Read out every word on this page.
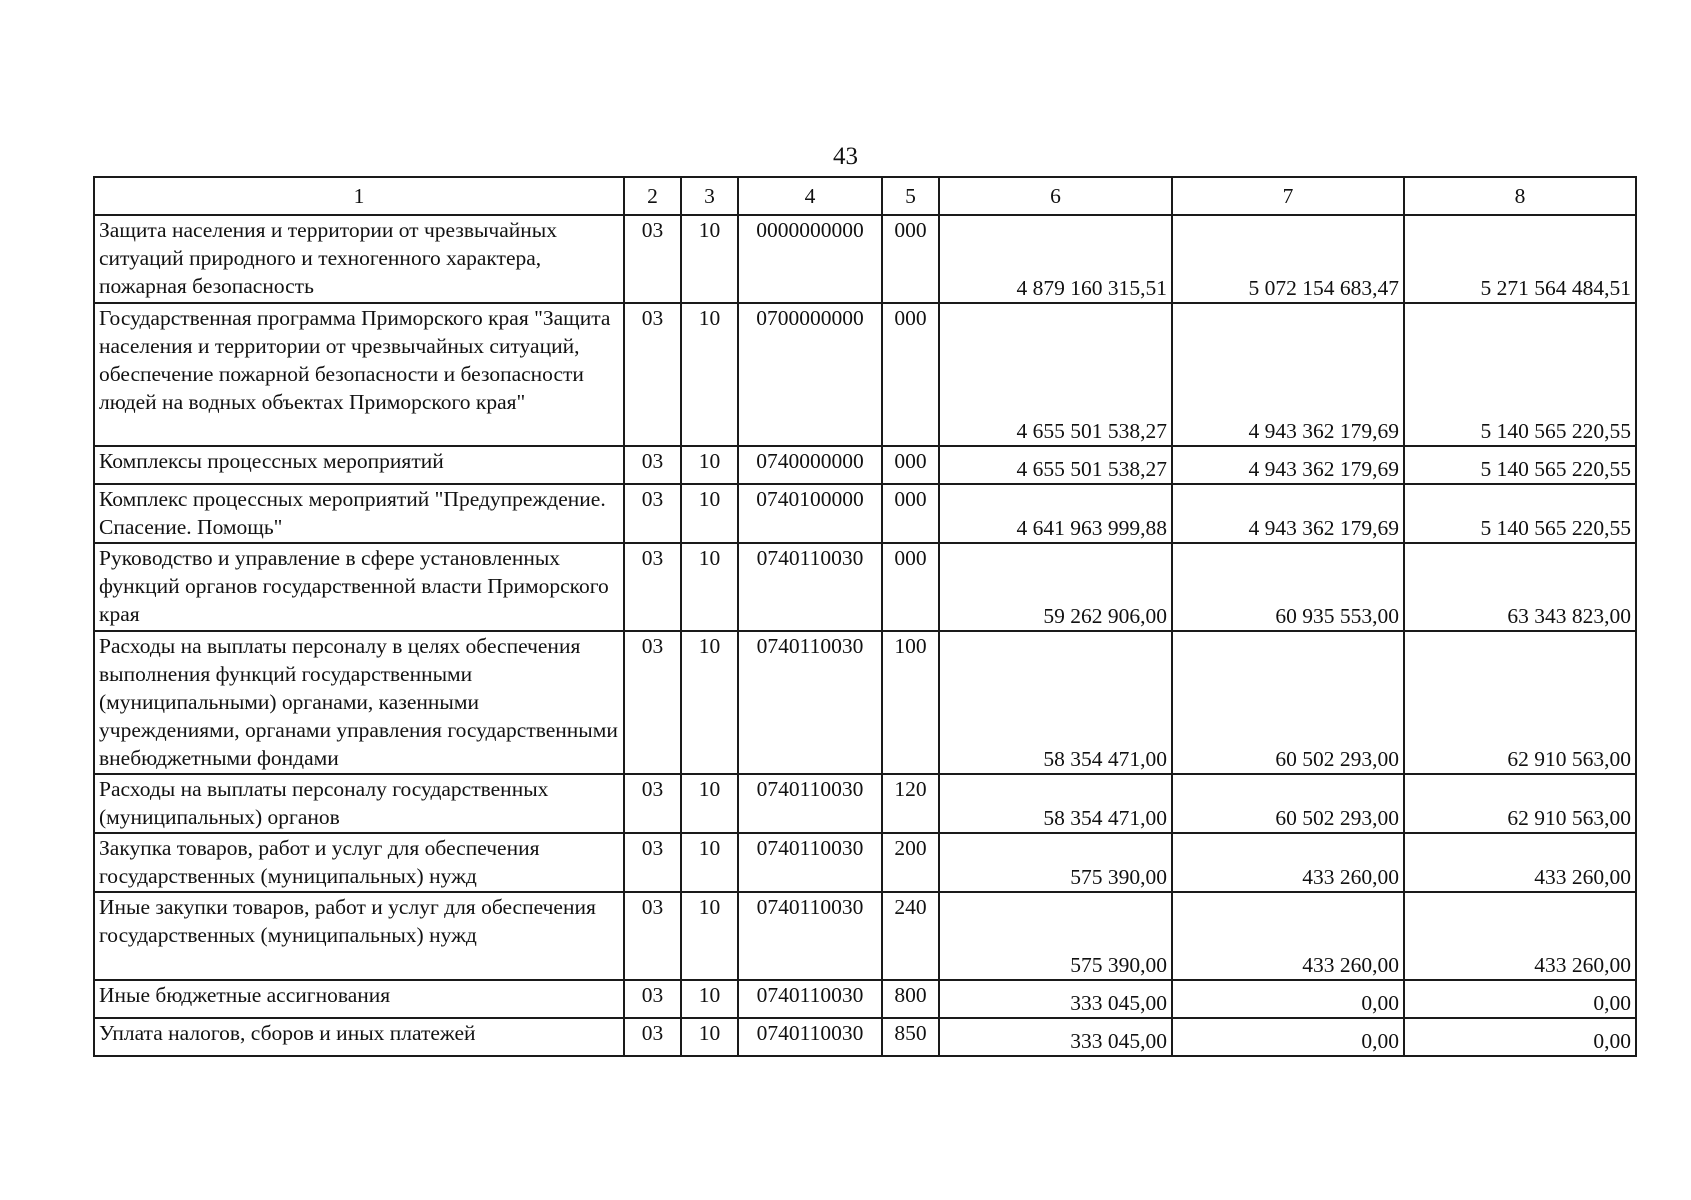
43
1	2	3	4	5	6	7	8
Защита населения и территории от чрезвычайных ситуаций природного и техногенного характера, пожарная безопасность	03	10	0000000000	000	4 879 160 315,51	5 072 154 683,47	5 271 564 484,51
Государственная программа Приморского края "Защита населения и территории от чрезвычайных ситуаций, обеспечение пожарной безопасности и безопасности людей на водных объектах Приморского края"	03	10	0700000000	000	4 655 501 538,27	4 943 362 179,69	5 140 565 220,55
Комплексы процессных мероприятий	03	10	0740000000	000	4 655 501 538,27	4 943 362 179,69	5 140 565 220,55
Комплекс процессных мероприятий "Предупреждение. Спасение. Помощь"	03	10	0740100000	000	4 641 963 999,88	4 943 362 179,69	5 140 565 220,55
Руководство и управление в сфере установленных функций органов государственной власти Приморского края	03	10	0740110030	000	59 262 906,00	60 935 553,00	63 343 823,00
Расходы на выплаты персоналу в целях обеспечения выполнения функций государственными (муниципальными) органами, казенными учреждениями, органами управления государственными внебюджетными фондами	03	10	0740110030	100	58 354 471,00	60 502 293,00	62 910 563,00
Расходы на выплаты персоналу государственных (муниципальных) органов	03	10	0740110030	120	58 354 471,00	60 502 293,00	62 910 563,00
Закупка товаров, работ и услуг для обеспечения государственных (муниципальных) нужд	03	10	0740110030	200	575 390,00	433 260,00	433 260,00
Иные закупки товаров, работ и услуг для обеспечения государственных (муниципальных) нужд	03	10	0740110030	240	575 390,00	433 260,00	433 260,00
Иные бюджетные ассигнования	03	10	0740110030	800	333 045,00	0,00	0,00
Уплата налогов, сборов и иных платежей	03	10	0740110030	850	333 045,00	0,00	0,00
